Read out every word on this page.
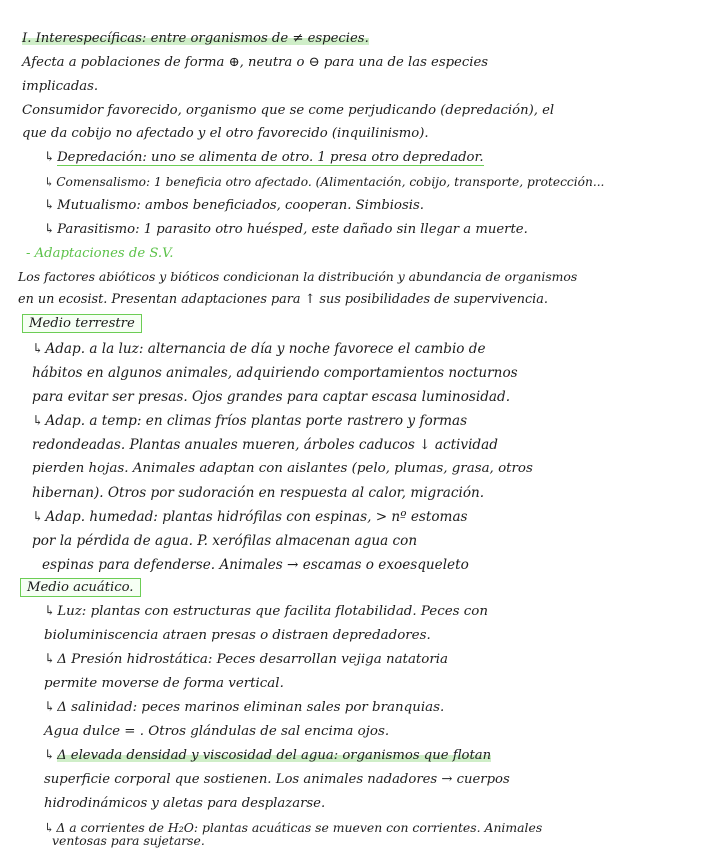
I. Interespecíficas: entre organismos de ≠ especies.
Afecta a poblaciones de forma ⊕, neutra o ⊖ para una de las especies
implicadas.
Consumidor favorecido, organismo que se come perjudicando (depredación), el
que da cobijo no afectado y el otro favorecido (inquilinismo).
↳ Depredación: uno se alimenta de otro. 1 presa otro depredador.
↳ Comensalismo: 1 beneficia otro afectado. (Alimentación, cobijo, transporte, protección...
↳ Mutualismo: ambos beneficiados, cooperan. Simbiosis.
↳ Parasitismo: 1 parasito otro huésped, este dañado sin llegar a muerte.
- Adaptaciones de S.V.
Los factores abióticos y bióticos condicionan la distribución y abundancia de organismos
en un ecosist. Presentan adaptaciones para ↑ sus posibilidades de supervivencia.
Medio terrestre
↳ Adap. a la luz: alternancia de día y noche favorece el cambio de
hábitos en algunos animales, adquiriendo comportamientos nocturnos
para evitar ser presas. Ojos grandes para captar escasa luminosidad.
↳ Adap. a temp: en climas fríos plantas porte rastrero y formas
redondeadas. Plantas anuales mueren, árboles caducos ↓ actividad
pierden hojas. Animales adaptan con aislantes (pelo, plumas, grasa, otros
hibernan). Otros por sudoración en respuesta al calor, migración.
↳ Adap. humedad: plantas hidrófilas con espinas, > nº estomas
por la pérdida de agua. P. xerófilas almacenan agua con
espinas para defenderse. Animales → escamas o exoesqueleto
Medio acuático.
↳ Luz: plantas con estructuras que facilita flotabilidad. Peces con
bioluminiscencia atraen presas o distraen depredadores.
↳ Δ Presión hidrostática: Peces desarrollan vejiga natatoria
permite moverse de forma vertical.
↳ Δ salinidad: peces marinos eliminan sales por branquias.
Agua dulce = . Otros glándulas de sal encima ojos.
↳ Δ elevada densidad y viscosidad del agua: organismos que flotan
superficie corporal que sostienen. Los animales nadadores → cuerpos
hidrodinámicos y aletas para desplazarse.
↳ Δ a corrientes de H₂O: plantas acuáticas se mueven con corrientes. Animales
ventosas para sujetarse.
